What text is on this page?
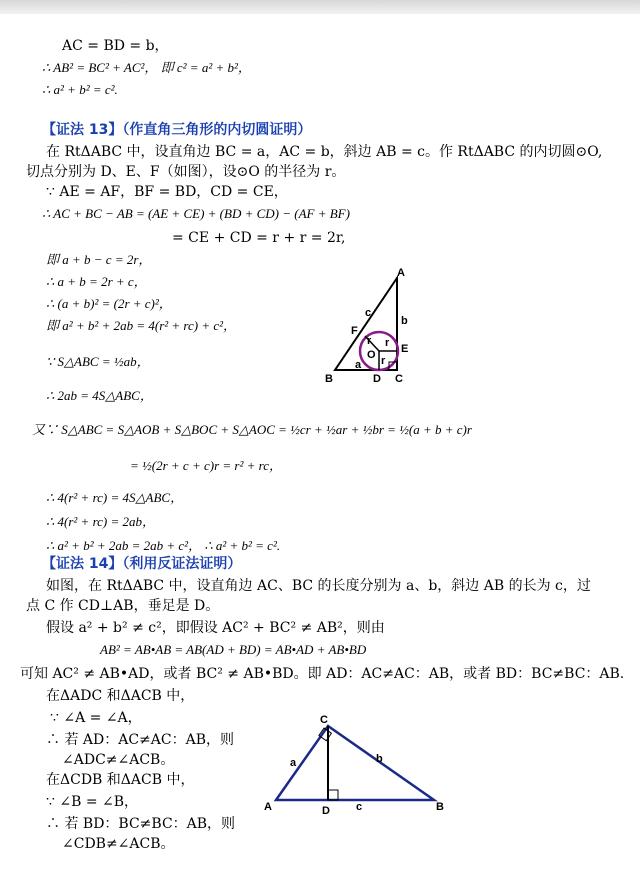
AC = BD = b，
∴ AB² = BC² + AC²， 即 c² = a² + b²，
∴ a² + b² = c².
在 RtΔABC 中，设直角边 BC = a，AC = b，斜边 AB = c。作 RtΔABC 的内切圆⊙O,
切点分别为 D、E、F（如图），设⊙O 的半径为 r。
∵ AE = AF，BF = BD，CD = CE，
∴ AC + BC − AB = (AE + CE) + (BD + CD) − (AF + BF)
= CE + CD = r + r = 2r,
即 a + b − c = 2r，
∴ a + b = 2r + c，
∴ (a + b)² = (2r + c)²，
即 a² + b² + 2ab = 4(r² + rc) + c²，
∵ S△ABC = ½ab，
∴ 2ab = 4S△ABC，
又∵ S△ABC = S△AOB + S△BOC + S△AOC = ½cr + ½ar + ½br = ½(a + b + c)r
= ½(2r + c + c)r = r² + rc，
∴ 4(r² + rc) = 4S△ABC，
∴ 4(r² + rc) = 2ab，
∴ a² + b² + 2ab = 2ab + c²， ∴ a² + b² = c².
如图，在 RtΔABC 中，设直角边 AC、BC 的长度分别为 a、b，斜边 AB 的长为 c，过
点 C 作 CD⊥AB，垂足是 D。
假设 a² + b² ≠ c²，即假设 AC² + BC² ≠ AB²，则由
AB² = AB•AB = AB(AD + BD) = AB•AD + AB•BD
可知 AC² ≠ AB•AD，或者 BC² ≠ AB•BD。即 AD：AC≠AC：AB，或者 BD：BC≠BC：AB.
在ΔADC 和ΔACB 中，
∵ ∠A = ∠A，
∴ 若 AD：AC≠AC：AB，则
∠ADC≠∠ACB。
在ΔCDB 和ΔACB 中，
∵ ∠B = ∠B，
∴ 若 BD：BC≠BC：AB，则
∠CDB≠∠ACB。
【证法 13】（作直角三角形的内切圆证明）
【证法 14】（利用反证法证明）
A
B	C
D
E
F
O
a
b
c
r
r
r
A	B
C
D
a	b
c
